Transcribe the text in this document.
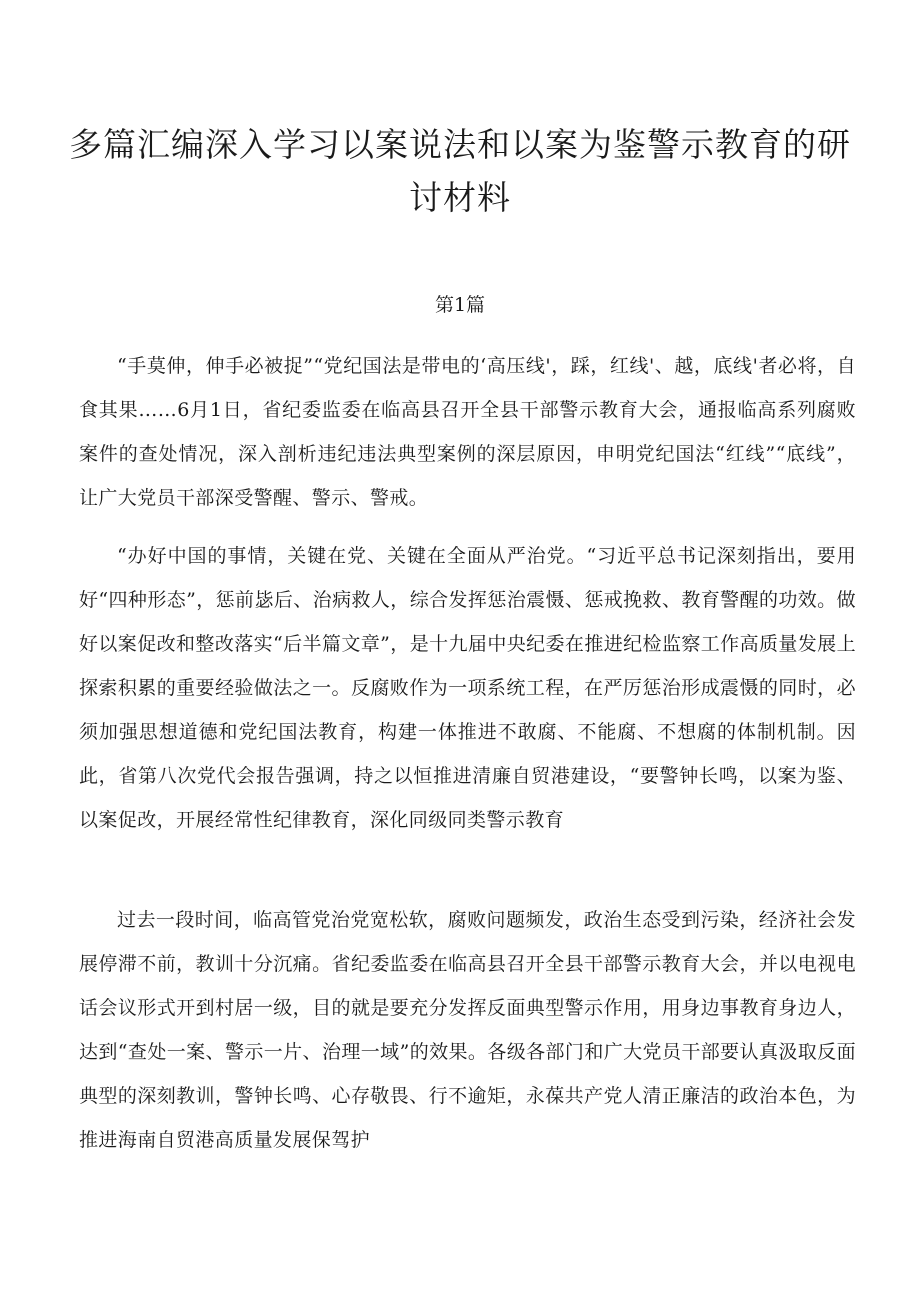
多篇汇编深入学习以案说法和以案为鉴警示教育的研讨材料
第1篇

“手莫伸，伸手必被捉”“党纪国法是带电的‘高压线'，踩，红线'、越，底线'者必将，自食其果……6月1日，省纪委监委在临高县召开全县干部警示教育大会，通报临高系列腐败案件的查处情况，深入剖析违纪违法典型案例的深层原因，申明党纪国法“红线”“底线”，让广大党员干部深受警醒、警示、警戒。

“办好中国的事情，关键在党、关键在全面从严治党。“习近平总书记深刻指出，要用好“四种形态”，惩前毖后、治病救人，综合发挥惩治震慑、惩戒挽救、教育警醒的功效。做好以案促改和整改落实“后半篇文章”，是十九届中央纪委在推进纪检监察工作高质量发展上探索积累的重要经验做法之一。反腐败作为一项系统工程，在严厉惩治形成震慑的同时，必须加强思想道德和党纪国法教育，构建一体推进不敢腐、不能腐、不想腐的体制机制。因此，省第八次党代会报告强调，持之以恒推进清廉自贸港建设，“要警钟长鸣，以案为鉴、以案促改，开展经常性纪律教育，深化同级同类警示教育

过去一段时间，临高管党治党宽松软，腐败问题频发，政治生态受到污染，经济社会发展停滞不前，教训十分沉痛。省纪委监委在临高县召开全县干部警示教育大会，并以电视电话会议形式开到村居一级，目的就是要充分发挥反面典型警示作用，用身边事教育身边人，达到“查处一案、警示一片、治理一域”的效果。各级各部门和广大党员干部要认真汲取反面典型的深刻教训，警钟长鸣、心存敬畏、行不逾矩，永葆共产党人清正廉洁的政治本色，为推进海南自贸港高质量发展保驾护
